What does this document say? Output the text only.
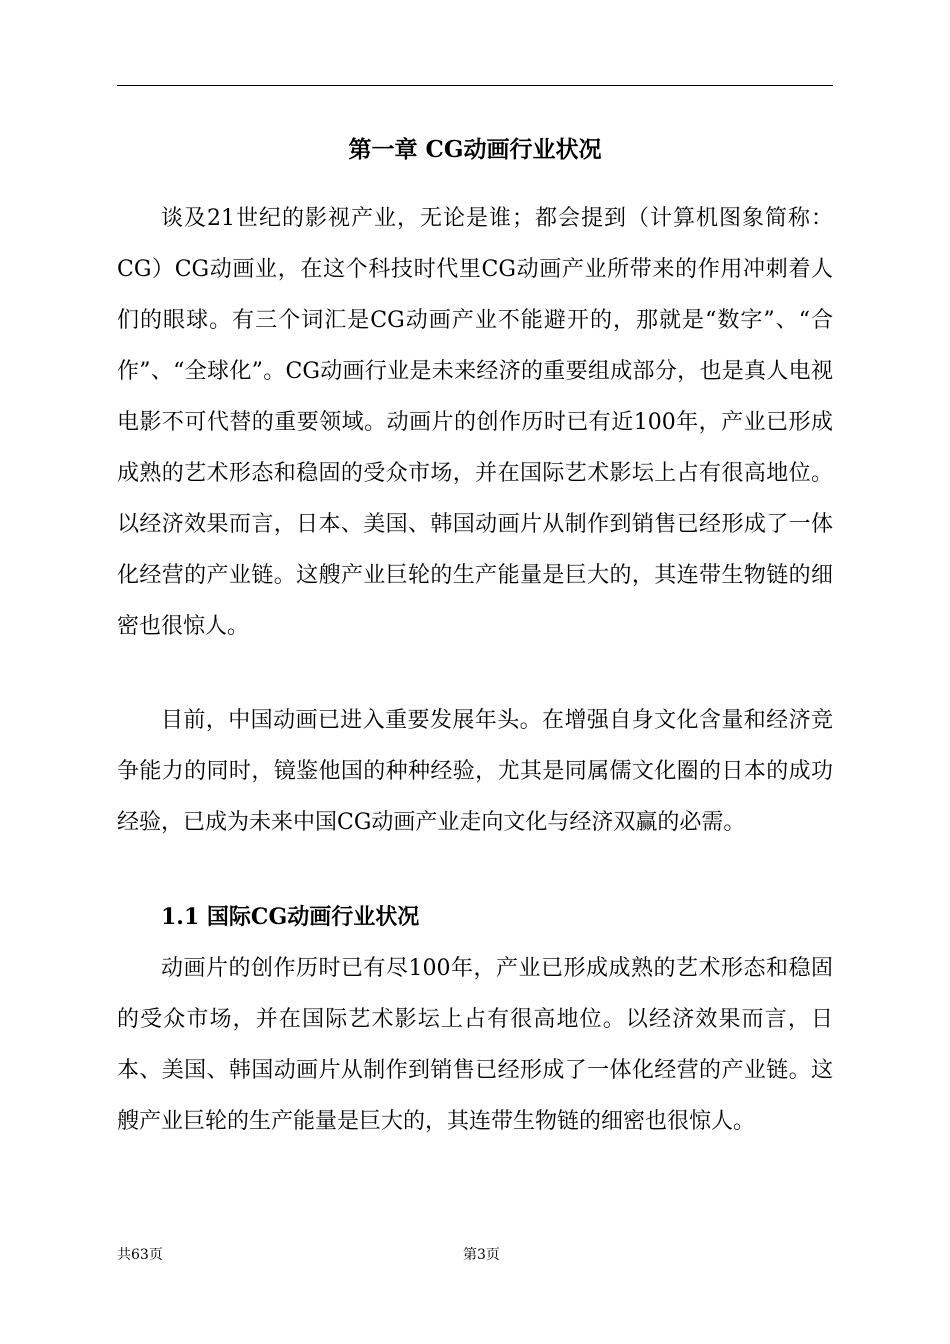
第一章 CG动画行业状况

谈及21世纪的影视产业，无论是谁；都会提到（计算机图象简称：CG）CG动画业，在这个科技时代里CG动画产业所带来的作用冲刺着人们的眼球。有三个词汇是CG动画产业不能避开的，那就是“数字”、“合作”、“全球化”。CG动画行业是未来经济的重要组成部分，也是真人电视电影不可代替的重要领域。动画片的创作历时已有近100年，产业已形成成熟的艺术形态和稳固的受众市场，并在国际艺术影坛上占有很高地位。以经济效果而言，日本、美国、韩国动画片从制作到销售已经形成了一体化经营的产业链。这艘产业巨轮的生产能量是巨大的，其连带生物链的细密也很惊人。

目前，中国动画已进入重要发展年头。在增强自身文化含量和经济竞争能力的同时，镜鉴他国的种种经验，尤其是同属儒文化圈的日本的成功经验，已成为未来中国CG动画产业走向文化与经济双赢的必需。

1.1 国际CG动画行业状况

动画片的创作历时已有尽100年，产业已形成成熟的艺术形态和稳固的受众市场，并在国际艺术影坛上占有很高地位。以经济效果而言，日本、美国、韩国动画片从制作到销售已经形成了一体化经营的产业链。这艘产业巨轮的生产能量是巨大的，其连带生物链的细密也很惊人。

共63页	第3页
